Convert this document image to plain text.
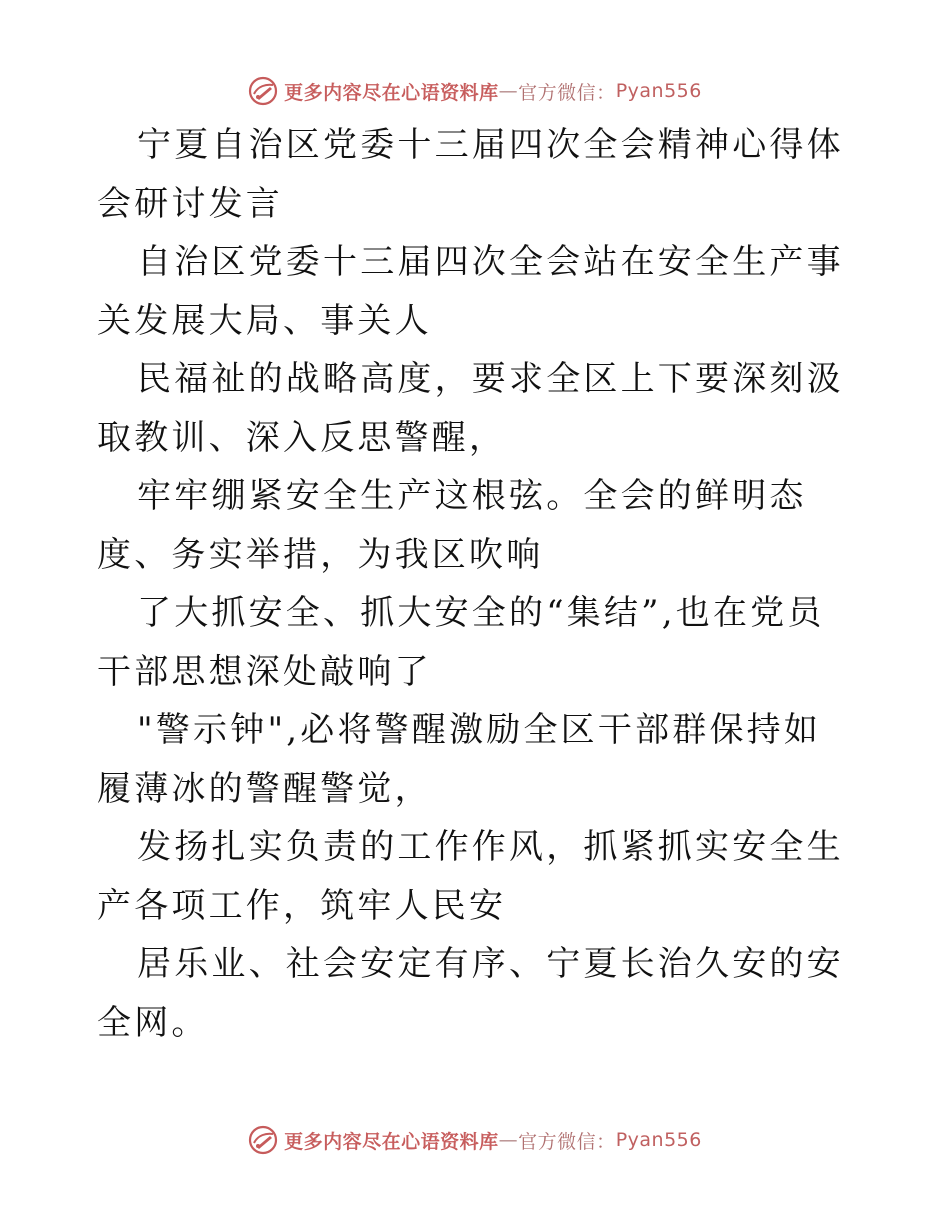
更多内容尽在心语资料库 — 官方微信： Pyan556

宁夏自治区党委十三届四次全会精神心得体会研讨发言

自治区党委十三届四次全会站在安全生产事关发展大局、事关人

民福祉的战略高度，要求全区上下要深刻汲取教训、深入反思警醒，

牢牢绷紧安全生产这根弦。全会的鲜明态度、务实举措，为我区吹响

了大抓安全、抓大安全的“集结”,也在党员干部思想深处敲响了

"警示钟",必将警醒激励全区干部群保持如履薄冰的警醒警觉，

发扬扎实负责的工作作风，抓紧抓实安全生产各项工作，筑牢人民安

居乐业、社会安定有序、宁夏长治久安的安全网。

更多内容尽在心语资料库 — 官方微信： Pyan556
